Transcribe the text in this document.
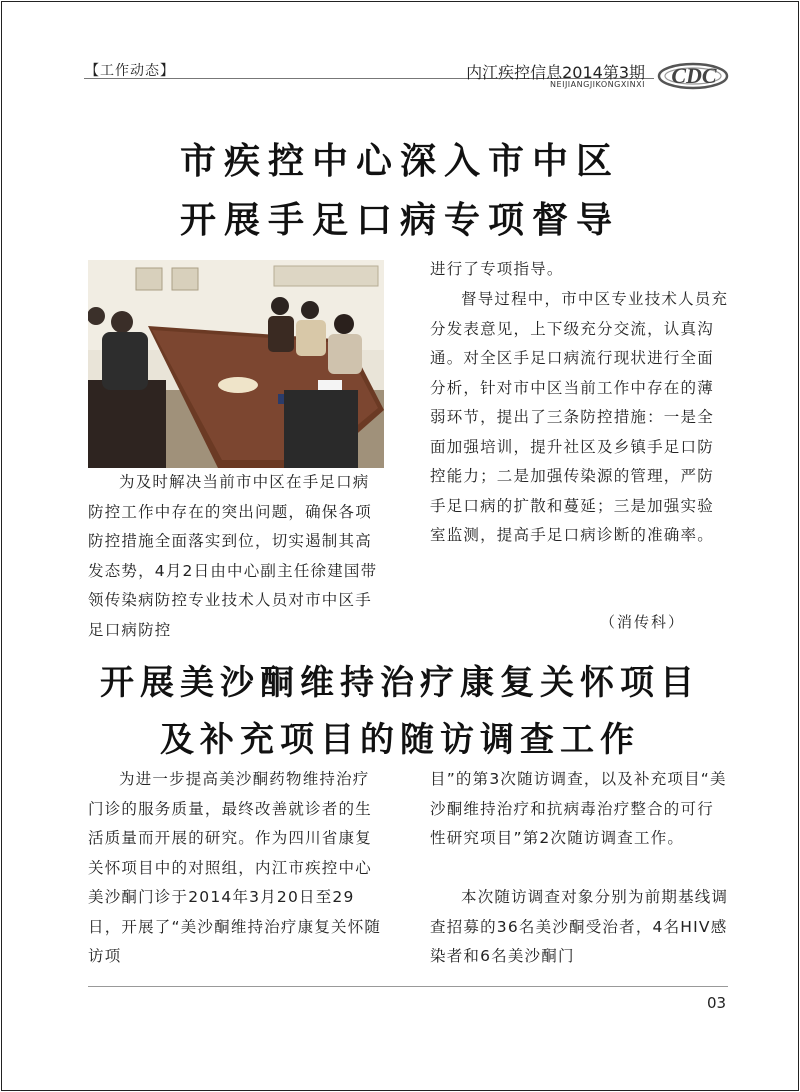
【工作动态】	内江疾控信息2014第3期
NEIJIANGJIKONGXINXI CDC
市疾控中心深入市中区
开展手足口病专项督导

为及时解决当前市中区在手足口病防控工作中存在的突出问题，确保各项防控措施全面落实到位，切实遏制其高发态势，4月2日由中心副主任徐建国带领传染病防控专业技术人员对市中区手足口病防控

进行了专项指导。

督导过程中，市中区专业技术人员充分发表意见，上下级充分交流，认真沟通。对全区手足口病流行现状进行全面分析，针对市中区当前工作中存在的薄弱环节，提出了三条防控措施：一是全面加强培训，提升社区及乡镇手足口防控能力；二是加强传染源的管理，严防手足口病的扩散和蔓延；三是加强实验室监测，提高手足口病诊断的准确率。

（消传科）
开展美沙酮维持治疗康复关怀项目
及补充项目的随访调查工作

为进一步提高美沙酮药物维持治疗门诊的服务质量，最终改善就诊者的生活质量而开展的研究。作为四川省康复关怀项目中的对照组，内江市疾控中心美沙酮门诊于2014年3月20日至29日，开展了“美沙酮维持治疗康复关怀随访项

目”的第3次随访调查，以及补充项目“美沙酮维持治疗和抗病毒治疗整合的可行性研究项目”第2次随访调查工作。

本次随访调查对象分别为前期基线调查招募的36名美沙酮受治者，4名HIV感染者和6名美沙酮门

03
